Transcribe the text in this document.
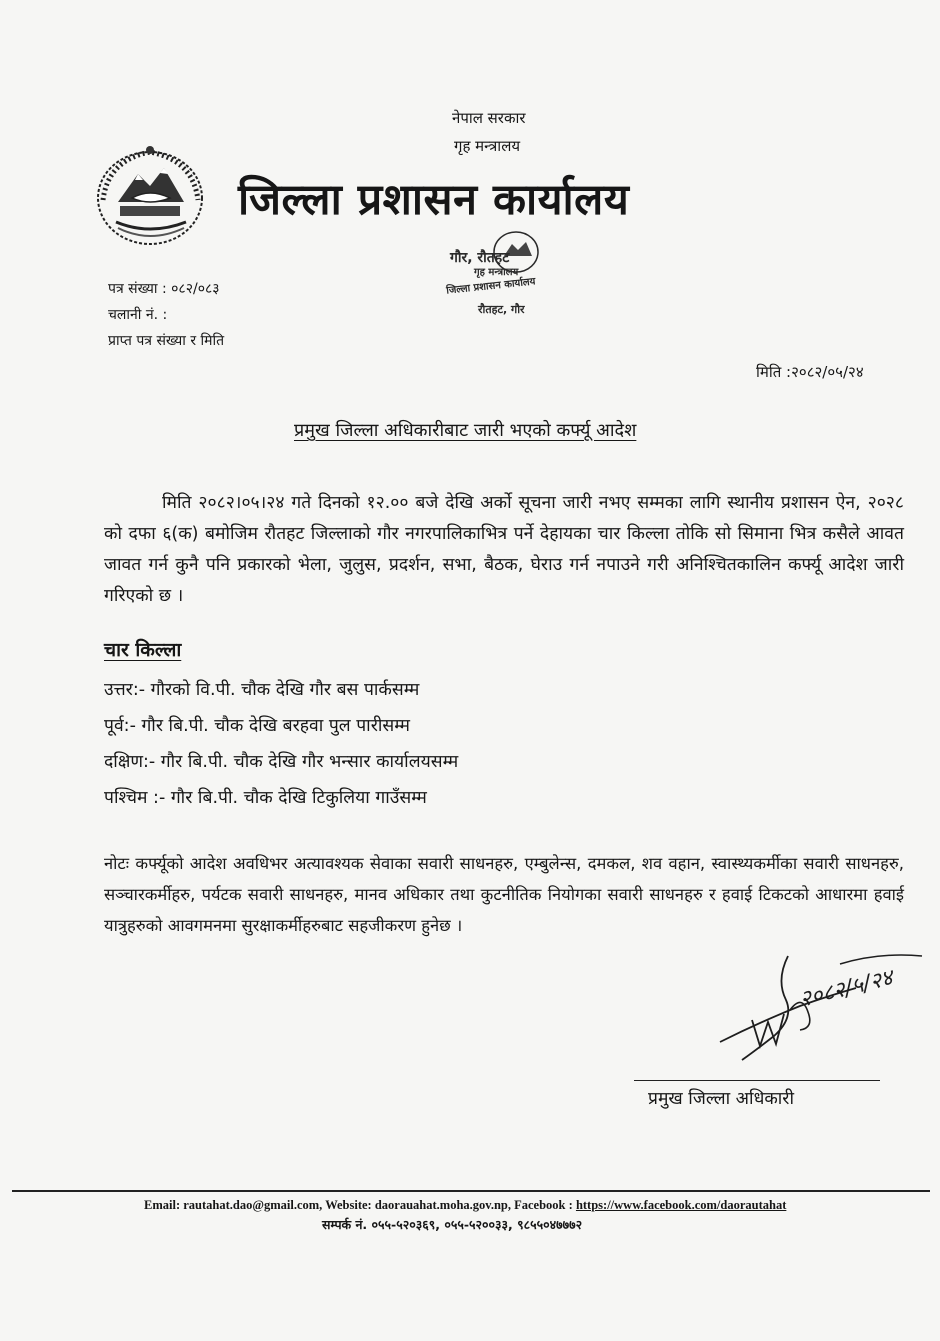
नेपाल सरकार
गृह मन्त्रालय
जिल्ला प्रशासन कार्यालय
गौर, रौतहट
गृह मन्त्रालय
जिल्ला प्रशासन कार्यालय
रौतहट, गौर
पत्र संख्या : ०८२/०८३
चलानी नं. :
प्राप्त पत्र संख्या र मिति
मिति :२०८२/०५/२४
प्रमुख जिल्ला अधिकारीबाट जारी भएको कर्फ्यू आदेश
मिति २०८२।०५।२४ गते दिनको १२.०० बजे देखि अर्को सूचना जारी नभए सम्मका लागि स्थानीय प्रशासन ऐन, २०२८ को दफा ६(क) बमोजिम रौतहट जिल्लाको गौर नगरपालिकाभित्र पर्ने देहायका चार किल्ला तोकि सो सिमाना भित्र कसैले आवत जावत गर्न कुनै पनि प्रकारको भेला, जुलुस, प्रदर्शन, सभा, बैठक, घेराउ गर्न नपाउने गरी अनिश्चितकालिन कर्फ्यू आदेश जारी गरिएको छ ।
चार किल्ला
उत्तर:- गौरको वि.पी. चौक देखि गौर बस पार्कसम्म
पूर्व:- गौर बि.पी. चौक देखि बरहवा पुल पारीसम्म
दक्षिण:- गौर बि.पी. चौक देखि गौर भन्सार कार्यालयसम्म
पश्चिम :- गौर बि.पी. चौक देखि टिकुलिया गाउँसम्म
नोटः कर्फ्यूको आदेश अवधिभर अत्यावश्यक सेवाका सवारी साधनहरु, एम्बुलेन्स, दमकल, शव वहान, स्वास्थ्यकर्मीका सवारी साधनहरु, सञ्चारकर्मीहरु, पर्यटक सवारी साधनहरु, मानव अधिकार तथा कुटनीतिक नियोगका सवारी साधनहरु र हवाई टिकटको आधारमा हवाई यात्रुहरुको आवगमनमा सुरक्षाकर्मीहरुबाट सहजीकरण हुनेछ ।
२०८२/५/२४
प्रमुख जिल्ला अधिकारी
Email: rautahat.dao@gmail.com, Website: daorauahat.moha.gov.np, Facebook : https://www.facebook.com/daorautahat
सम्पर्क नं. ०५५-५२०३६९, ०५५-५२००३३, ९८५५०४७७७२
